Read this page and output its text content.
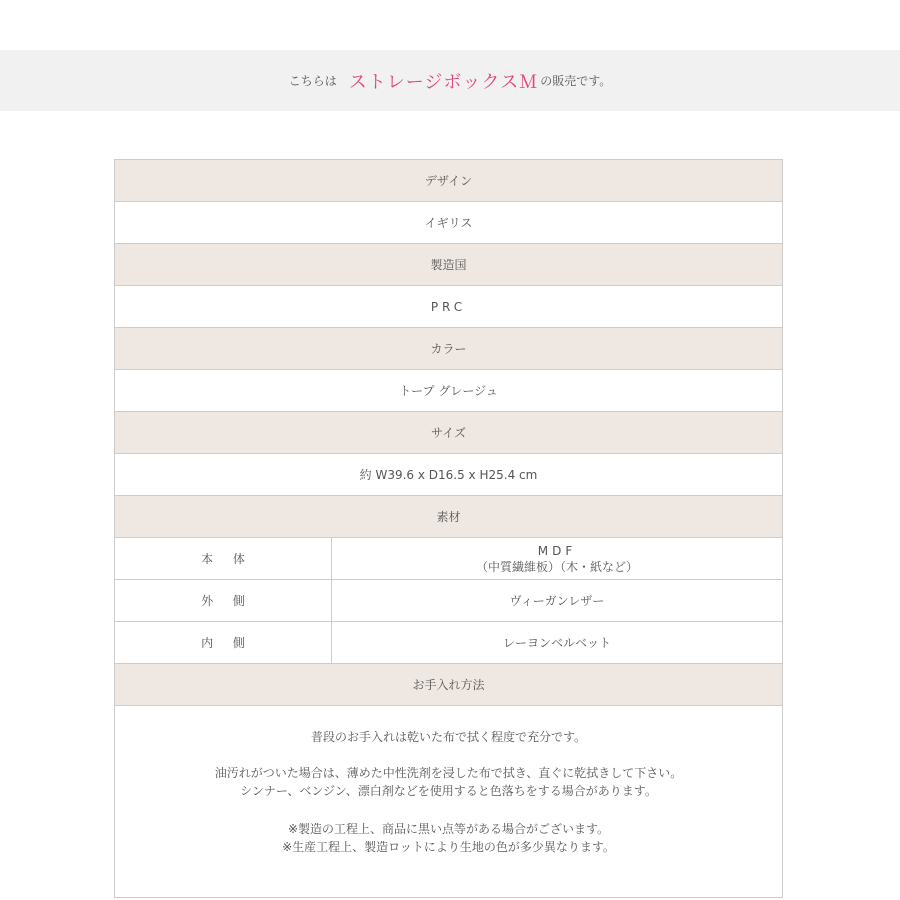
こちらは ストレージボックスＭ の販売です。
デザイン
イギリス
製造国
PRC
カラー
トープ グレージュ
サイズ
約 W39.6 x D16.5 x H25.4 cm
素材
本 体
MDF
（中質繊維板）（木・紙など）
外 側	ヴィーガンレザー
内 側	レーヨンベルベット
お手入れ方法

普段のお手入れは乾いた布で拭く程度で充分です。

油汚れがついた場合は、薄めた中性洗剤を浸した布で拭き、直ぐに乾拭きして下さい。

シンナー、ベンジン、漂白剤などを使用すると色落ちをする場合があります。

※製造の工程上、商品に黒い点等がある場合がございます。

※生産工程上、製造ロットにより生地の色が多少異なります。
